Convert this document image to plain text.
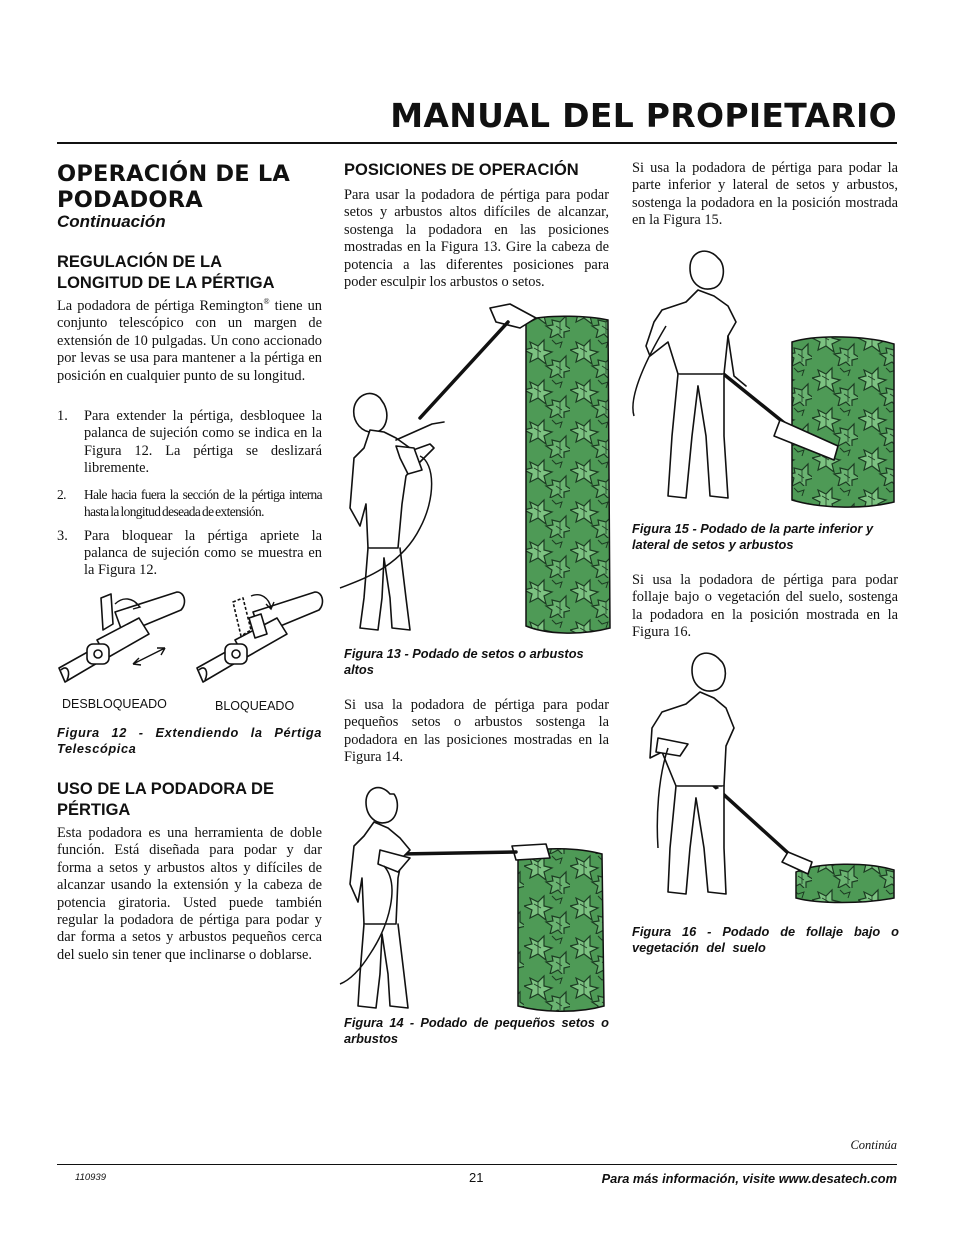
MANUAL DEL PROPIETARIO
OPERACIÓN DE LA
PODADORA
Continuación
REGULACIÓN DE LA
LONGITUD DE LA PÉRTIGA
La podadora de pértiga Remington® tiene un conjunto telescópico con un margen de extensión de 10 pulgadas. Un cono accionado por levas se usa para mantener a la pértiga en posición en cualquier punto de su longitud.
1. Para extender la pértiga, desbloquee la palanca de sujeción como se indica en la Figura 12. La pértiga se deslizará libremente.
2. Hale hacia fuera la sección de la pértiga interna hasta la longitud deseada de extensión.
3. Para bloquear la pértiga apriete la palanca de sujeción como se muestra en la Figura 12.
DESBLOQUEADO	BLOQUEADO
Figura 12 - Extendiendo la Pértiga Telescópica
USO DE LA PODADORA DE
PÉRTIGA
Esta podadora es una herramienta de doble función. Está diseñada para podar y dar forma a setos y arbustos altos y difíciles de alcanzar usando la extensión y la cabeza de potencia giratoria. Usted puede también regular la podadora de pértiga para podar y dar forma a setos y arbustos pequeños cerca del suelo sin tener que inclinarse o doblarse.
POSICIONES DE OPERACIÓN
Para usar la podadora de pértiga para podar setos y arbustos altos difíciles de alcanzar, sostenga la podadora en las posiciones mostradas en la Figura 13. Gire la cabeza de potencia a las diferentes posiciones para poder esculpir los arbustos o setos.
Figura 13 - Podado de setos o arbustos altos
Si usa la podadora de pértiga para podar pequeños setos o arbustos sostenga la podadora en las posiciones mostradas en la Figura 14.
Figura 14 - Podado de pequeños setos o arbustos
Si usa la podadora de pértiga para podar la parte inferior y lateral de setos y arbustos, sostenga la podadora en la posición mostrada en la Figura 15.
Figura 15 - Podado de la parte inferior y lateral de setos y arbustos
Si usa la podadora de pértiga para podar follaje bajo o vegetación del suelo, sostenga la podadora en la posición mostrada en la Figura 16.
Figura 16 - Podado de follaje bajo o vegetación del suelo
Continúa
110939	21	Para más información, visite www.desatech.com
